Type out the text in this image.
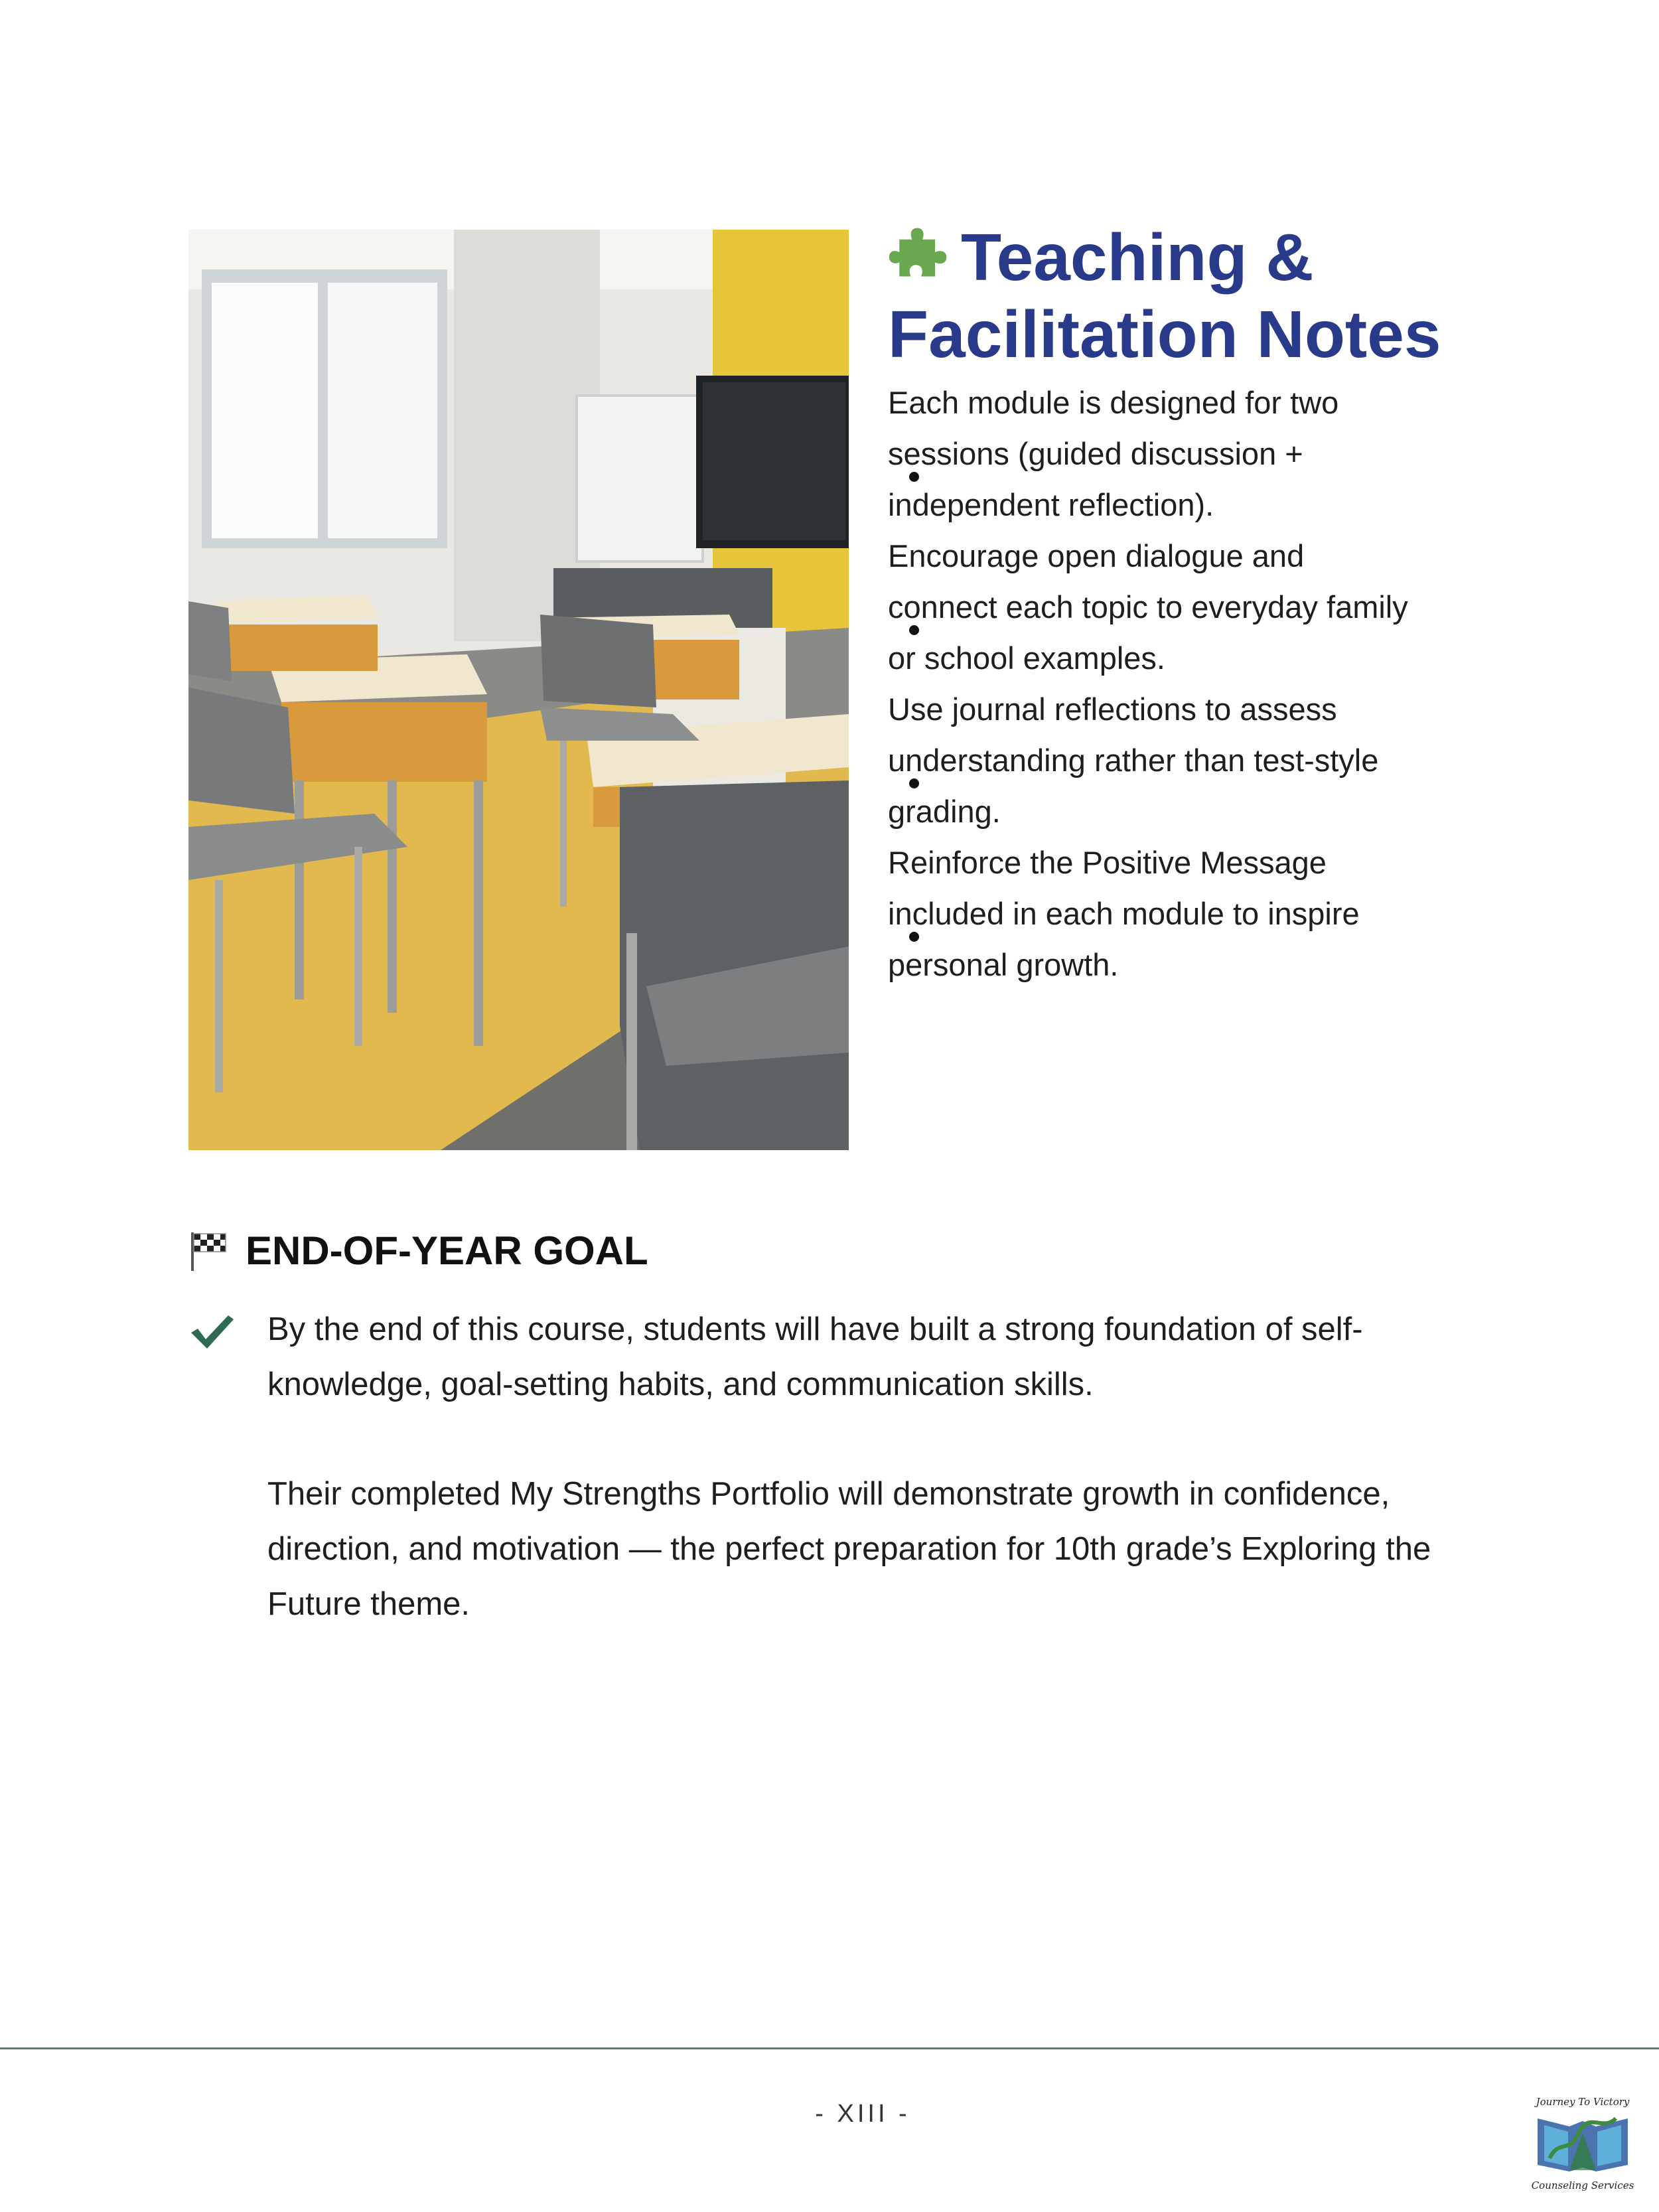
Teaching & Facilitation Notes
Each module is designed for two sessions (guided discussion + independent reflection).
Encourage open dialogue and connect each topic to everyday family or school examples.
Use journal reflections to assess understanding rather than test-style grading.
Reinforce the Positive Message included in each module to inspire personal growth.
END-OF-YEAR GOAL

By the end of this course, students will have built a strong foundation of self-knowledge, goal-setting habits, and communication skills.

Their completed My Strengths Portfolio will demonstrate growth in confidence, direction, and motivation — the perfect preparation for 10th grade’s Exploring the Future theme.

- XIII -	Journey To Victory
Counseling Services
